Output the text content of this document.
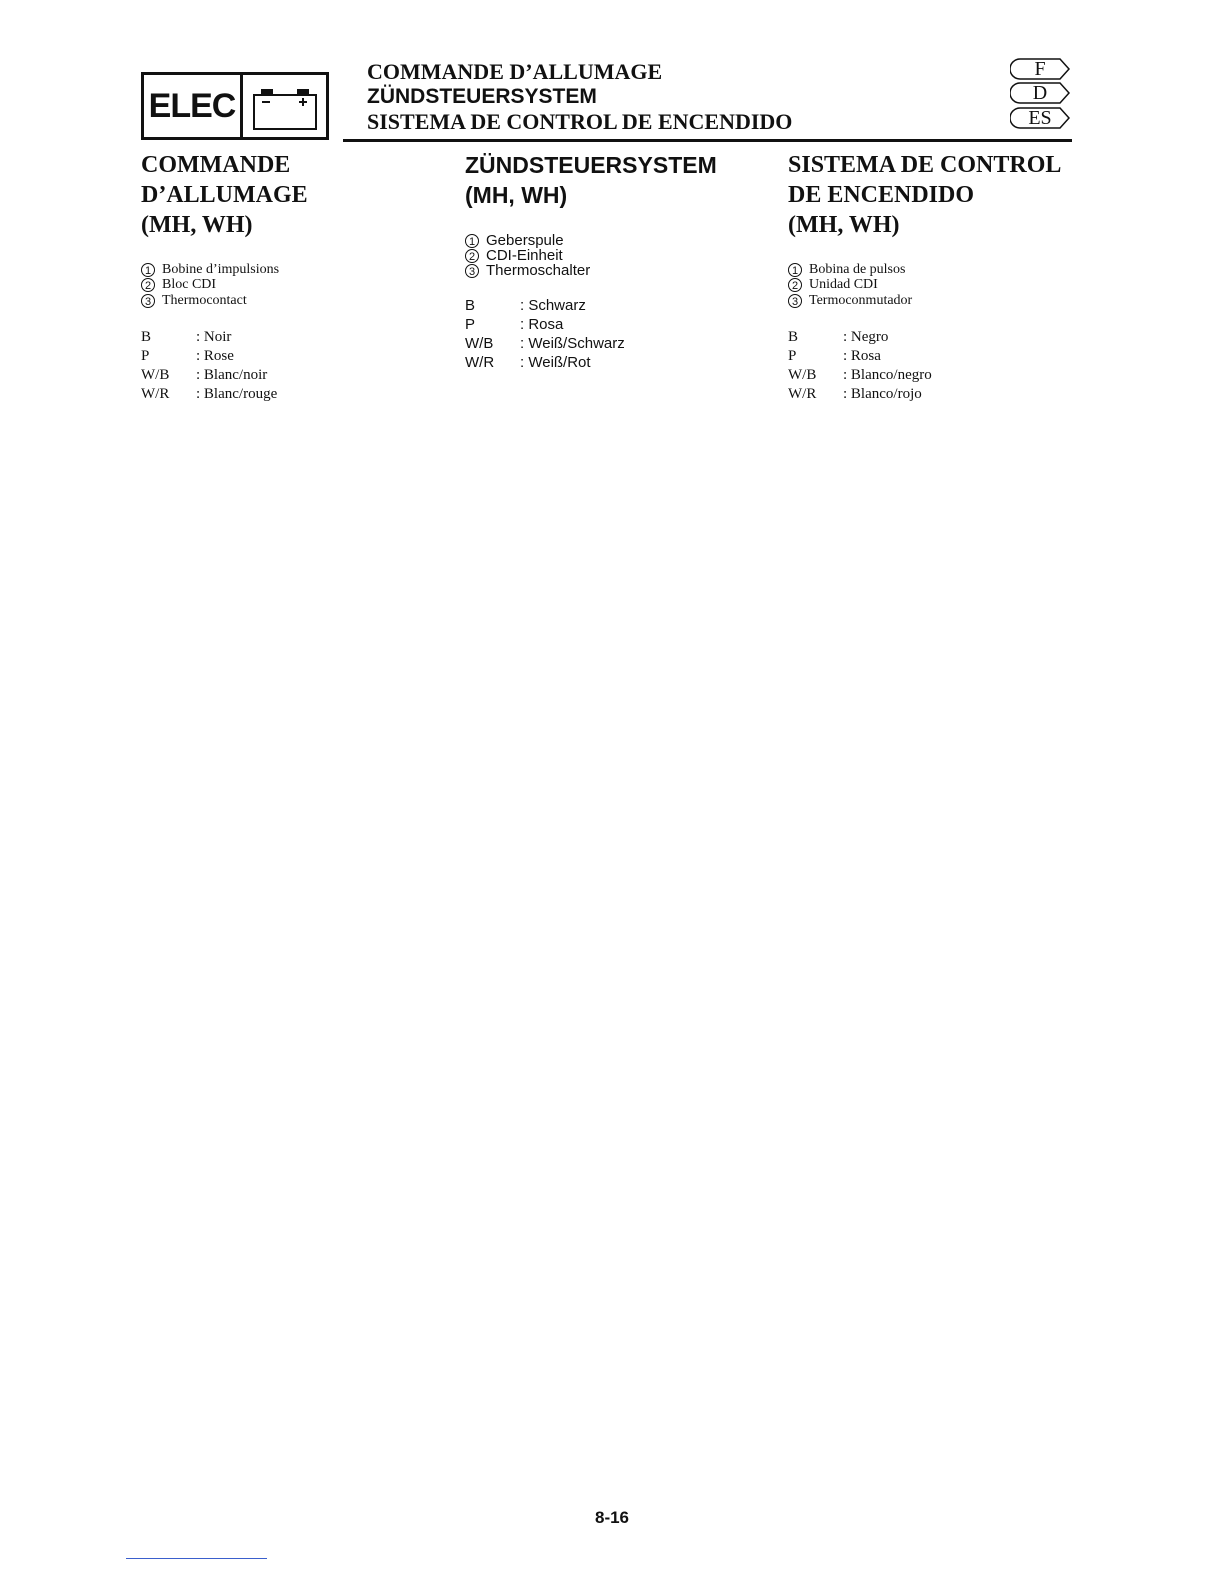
ELEC
COMMANDE D’ALLUMAGE
ZÜNDSTEUERSYSTEM
SISTEMA DE CONTROL DE ENCENDIDO
F
D
ES
COMMANDE
D’ALLUMAGE
(MH, WH)
1 Bobine d’impulsions
2 Bloc CDI
3 Thermocontact
B	: Noir
P	: Rose
W/B	: Blanc/noir
W/R	: Blanc/rouge
ZÜNDSTEUERSYSTEM
(MH, WH)
1 Geberspule
2 CDI-Einheit
3 Thermoschalter
B	: Schwarz
P	: Rosa
W/B	: Weiß/Schwarz
W/R	: Weiß/Rot
SISTEMA DE CONTROL
DE ENCENDIDO
(MH, WH)
1 Bobina de pulsos
2 Unidad CDI
3 Termoconmutador
B	: Negro
P	: Rosa
W/B	: Blanco/negro
W/R	: Blanco/rojo
8-16
